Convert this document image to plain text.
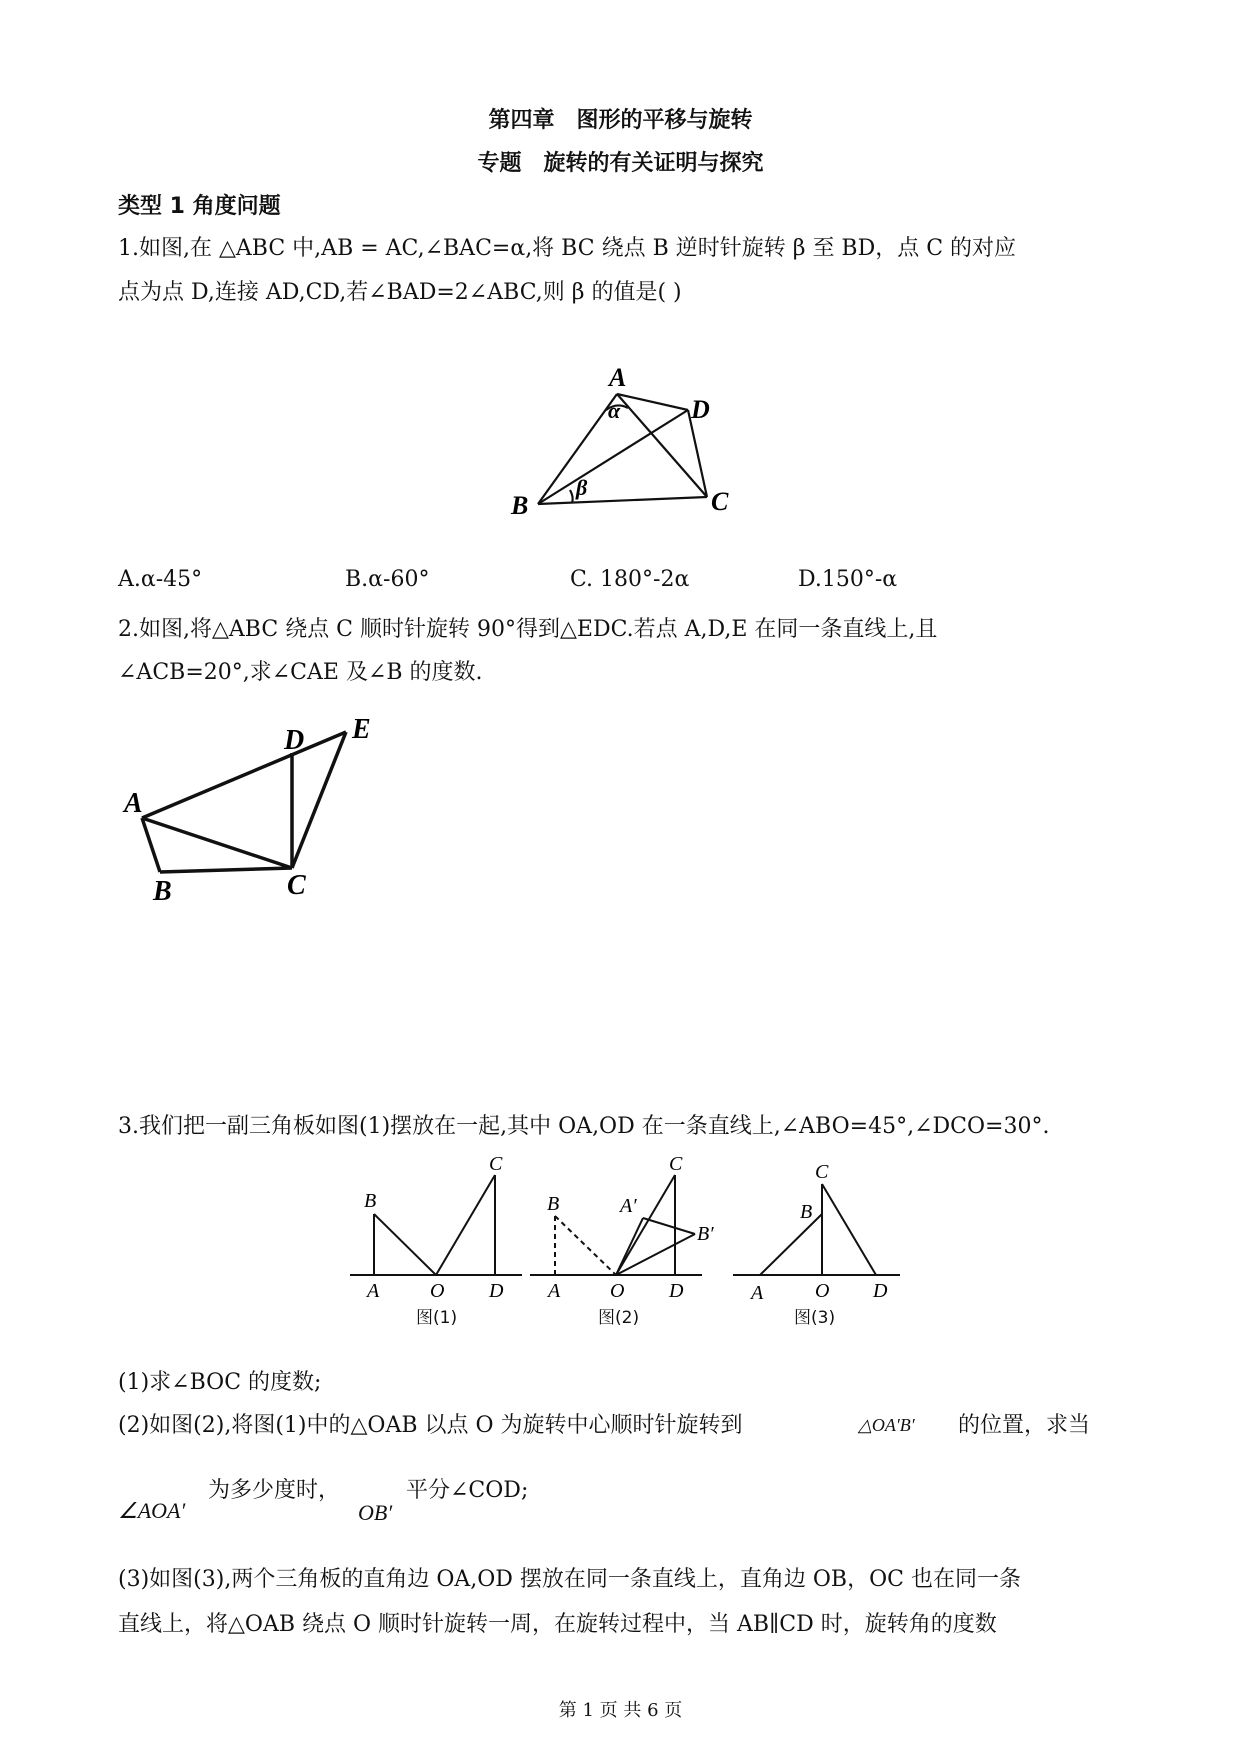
第四章　图形的平移与旋转
专题　旋转的有关证明与探究
类型 1 角度问题
1.如图,在 △ABC 中,AB = AC,∠BAC=α,将 BC 绕点 B 逆时针旋转 β 至 BD，点 C 的对应
点为点 D,连接 AD,CD,若∠BAD=2∠ABC,则 β 的值是( )
A
D
B	C
α
β
A.α-45°	B.α-60°	C. 180°-2α	D.150°-α
2.如图,将△ABC 绕点 C 顺时针旋转 90°得到△EDC.若点 A,D,E 在同一条直线上,且
∠ACB=20°,求∠CAE 及∠B 的度数.
D E
A
B	C
3.我们把一副三角板如图(1)摆放在一起,其中 OA,OD 在一条直线上,∠ABO=45°,∠DCO=30°.
B
C
A	O D
B
C
A′
B′
A O D
C
B
A	O D
图(1)	图(2)	图(3)
(1)求∠BOC 的度数;
(2)如图(2),将图(1)中的△OAB 以点 O 为旋转中心顺时针旋转到	△OA′B′ 的位置，求当
∠AOA′
为多少度时，
OB′
平分∠COD;
(3)如图(3),两个三角板的直角边 OA,OD 摆放在同一条直线上，直角边 OB，OC 也在同一条
直线上，将△OAB 绕点 O 顺时针旋转一周，在旋转过程中，当 AB∥CD 时，旋转角的度数
第 1 页 共 6 页
